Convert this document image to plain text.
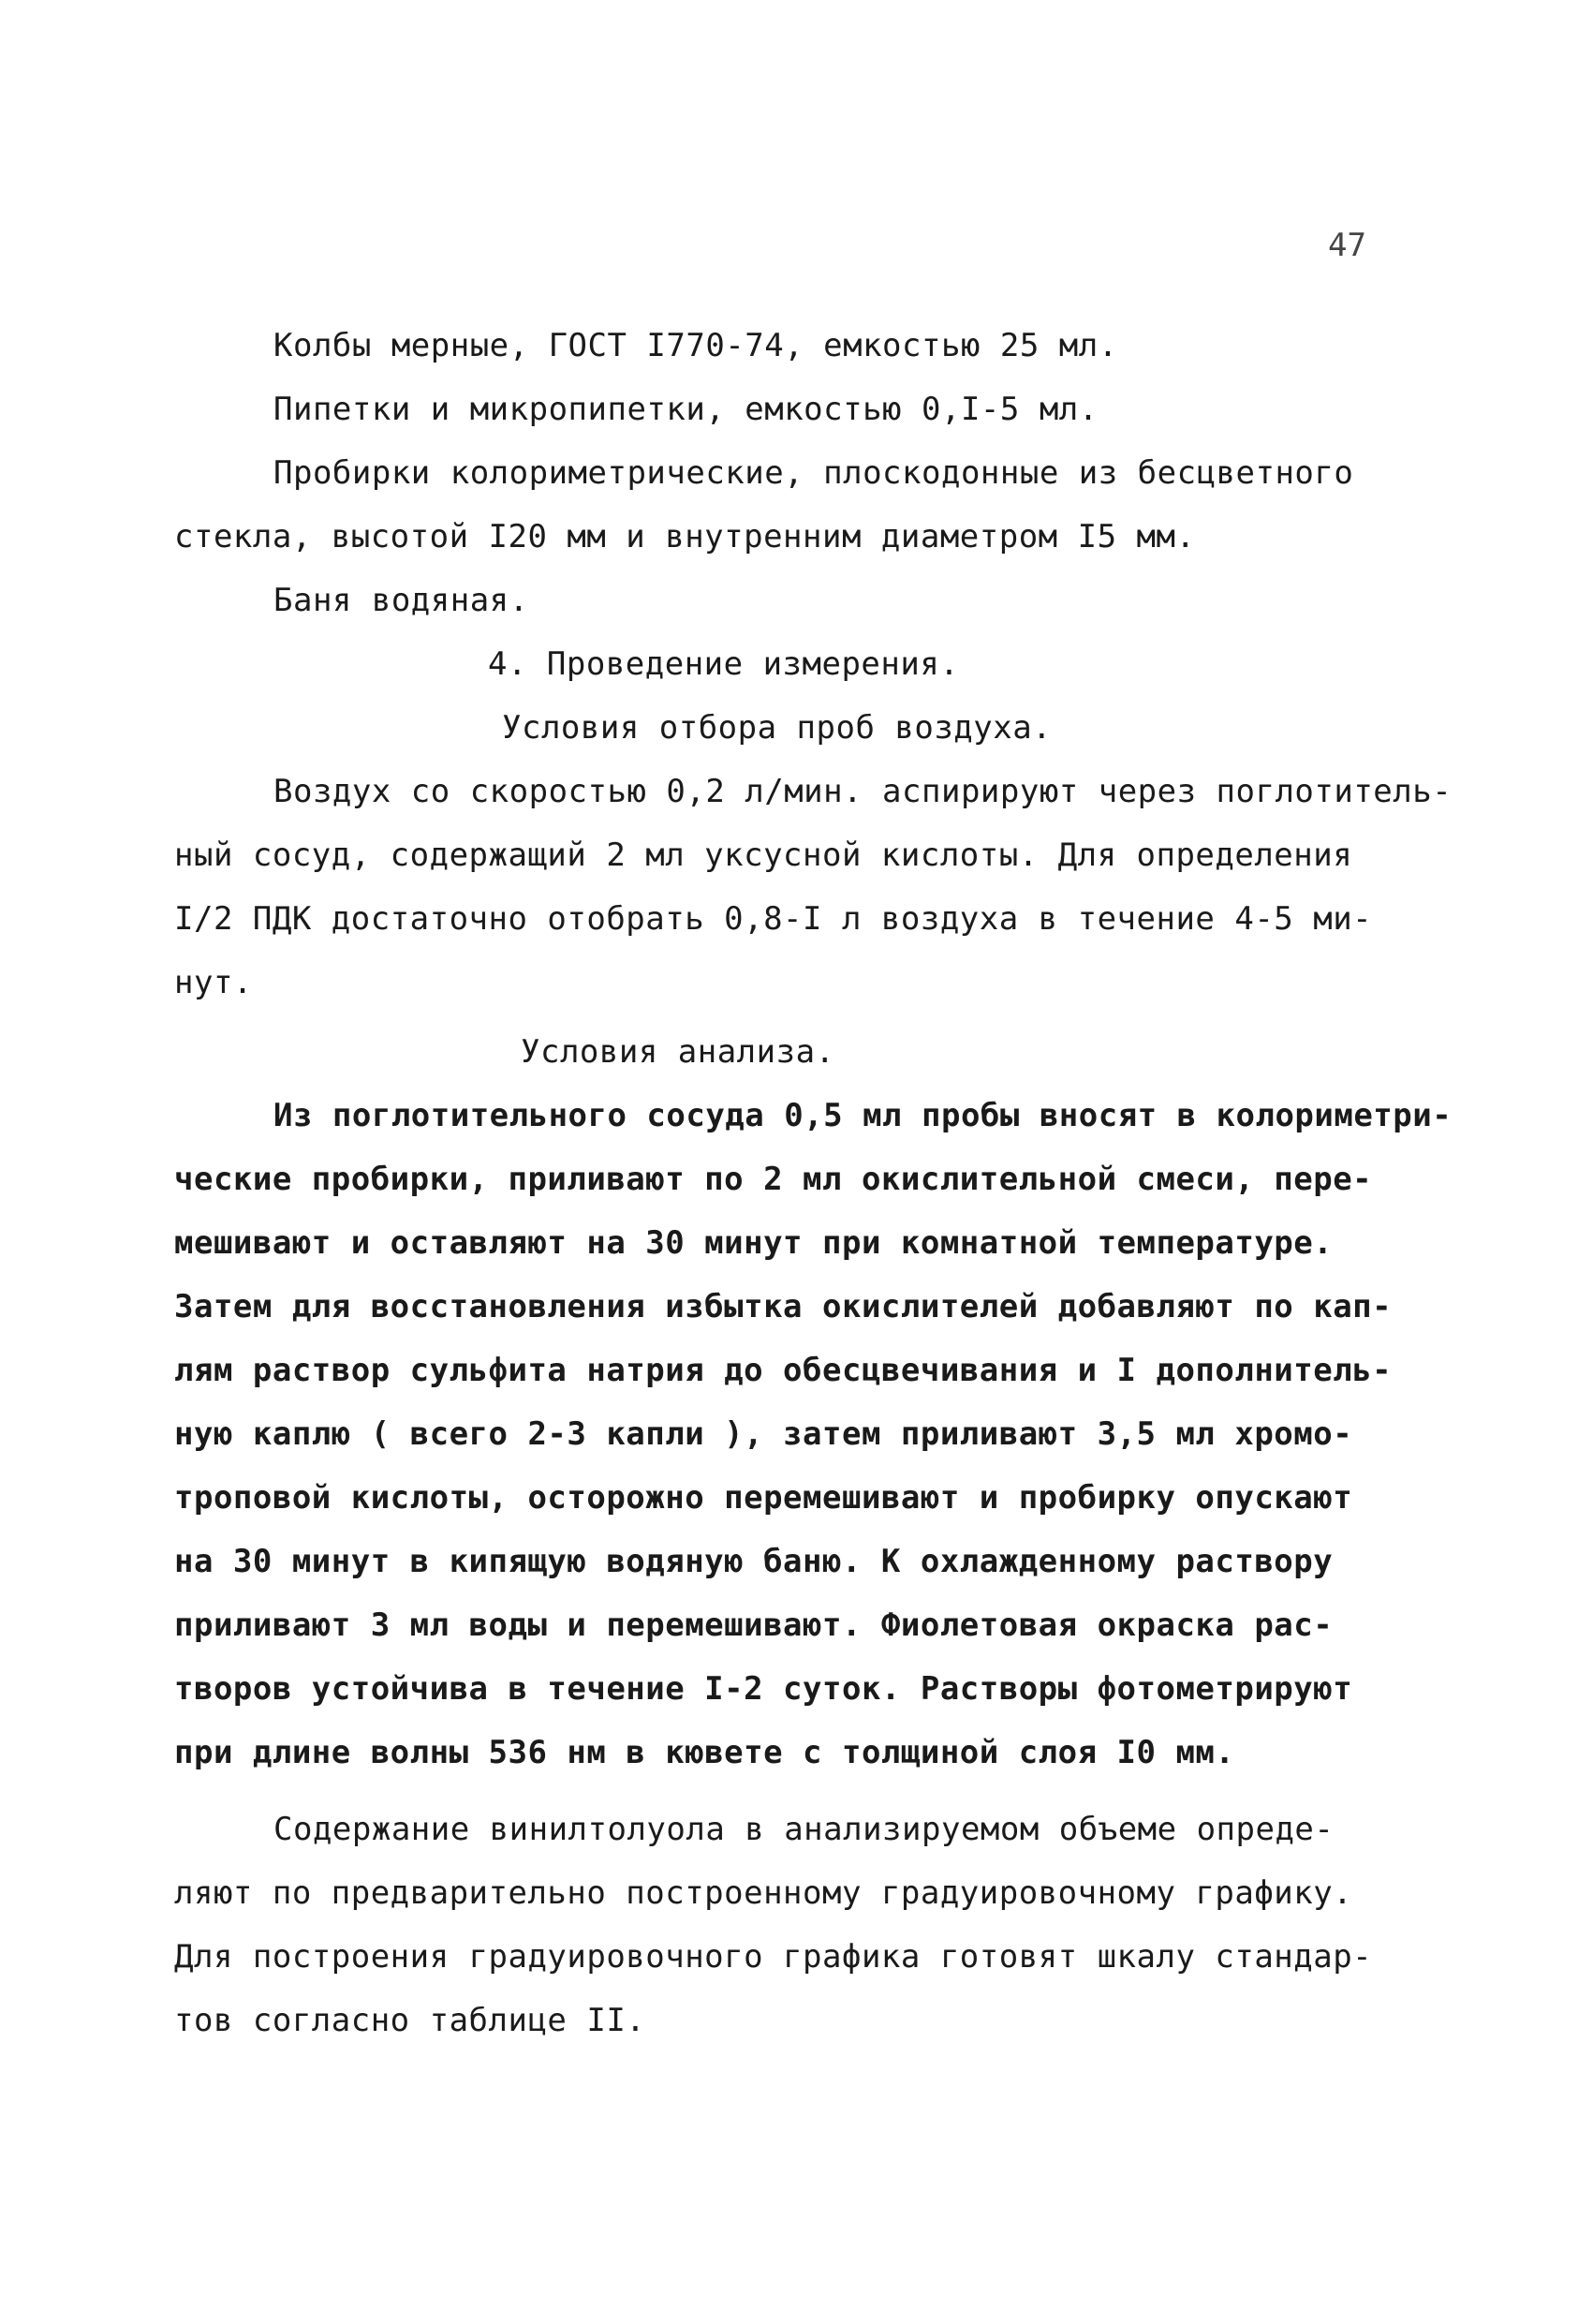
47
Колбы мерные, ГОСТ I770-74, емкостью 25 мл.
Пипетки и микропипетки, емкостью 0,I-5 мл.
Пробирки колориметрические, плоскодонные из бесцветного
стекла, высотой I20 мм и внутренним диаметром I5 мм.
Баня водяная.
4. Проведение измерения.
Условия отбора проб воздуха.
Воздух со скоростью 0,2 л/мин. аспирируют через поглотитель-
ный сосуд, содержащий 2 мл уксусной кислоты. Для определения
I/2 ПДК достаточно отобрать 0,8-I л воздуха в течение 4-5 ми-
нут.
Условия анализа.
Из поглотительного сосуда 0,5 мл пробы вносят в колориметри-
ческие пробирки, приливают по 2 мл окислительной смеси, пере-
мешивают и оставляют на 30 минут при комнатной температуре.
Затем для восстановления избытка окислителей добавляют по кап-
лям раствор сульфита натрия до обесцвечивания и I дополнитель-
ную каплю ( всего 2-3 капли ), затем приливают 3,5 мл хромо-
троповой кислоты, осторожно перемешивают и пробирку опускают
на 30 минут в кипящую водяную баню. К охлажденному раствору
приливают 3 мл воды и перемешивают. Фиолетовая окраска рас-
творов устойчива в течение I-2 суток. Растворы фотометрируют
при длине волны 536 нм в кювете с толщиной слоя I0 мм.
Содержание винилтолуола в анализируемом объеме опреде-
ляют по предварительно построенному градуировочному графику.
Для построения градуировочного графика готовят шкалу стандар-
тов согласно таблице II.
